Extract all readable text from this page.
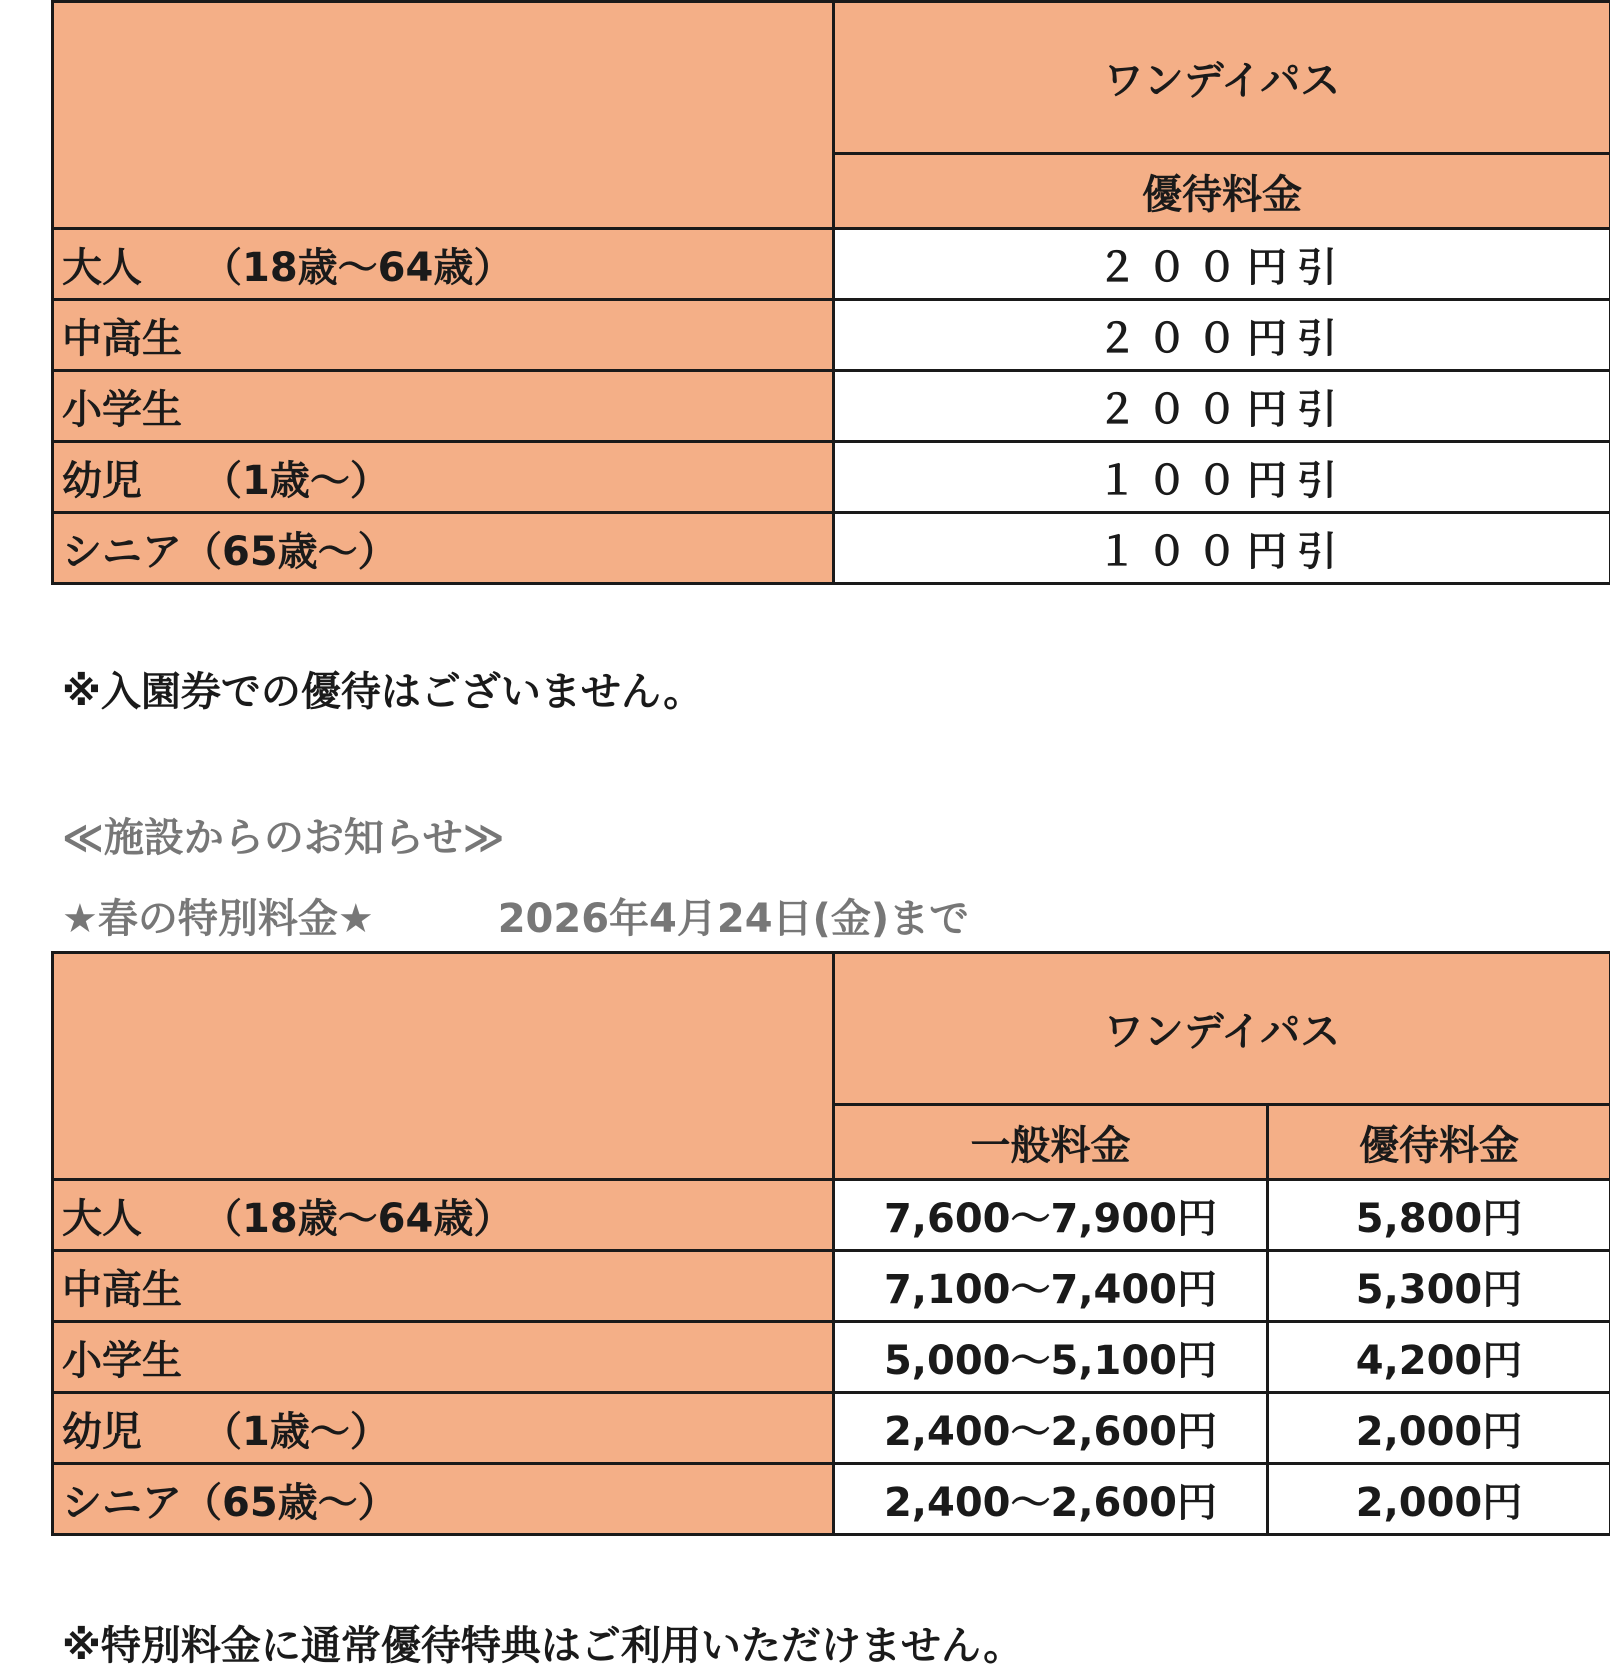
	ワンデイパス
	優待料金
大人　　（18歳～64歳）	２００円引
中高生	２００円引
小学生	２００円引
幼児　　（1歳～）	１００円引
シニア（65歳～）	１００円引
※入園券での優待はございません。
≪施設からのお知らせ≫
★春の特別料金★	2026年4月24日(金)まで
	ワンデイパス	
	一般料金	優待料金
大人　　（18歳～64歳）	7,600～7,900円	5,800円
中高生	7,100～7,400円	5,300円
小学生	5,000～5,100円	4,200円
幼児　　（1歳～）	2,400～2,600円	2,000円
シニア（65歳～）	2,400～2,600円	2,000円
※特別料金に通常優待特典はご利用いただけません。
